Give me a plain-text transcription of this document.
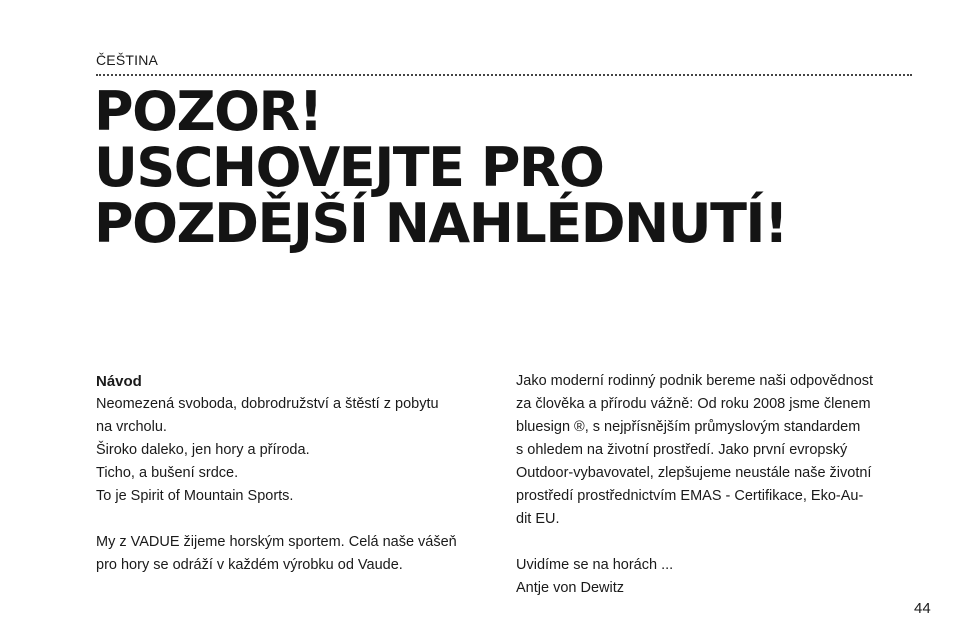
ČEŠTINA
POZOR!
USCHOVEJTE PRO
POZDĚJŠÍ NAHLÉDNUTÍ!

Návod

Neomezená svoboda, dobrodružství a štěstí z pobytu

na vrcholu.

Široko daleko, jen hory a příroda.

Ticho, a bušení srdce.

To je Spirit of Mountain Sports.

My z VADUE žijeme horským sportem. Celá naše vášeň

pro hory se odráží v každém výrobku od Vaude.

Jako moderní rodinný podnik bereme naši odpovědnost

za člověka a přírodu vážně: Od roku 2008 jsme členem

bluesign ®, s nejpřísnějším průmyslovým standardem

s ohledem na životní prostředí. Jako první evropský

Outdoor-vybavovatel, zlepšujeme neustále naše životní

prostředí prostřednictvím EMAS - Certifikace, Eko-Au-

dit EU.

Uvidíme se na horách ...

Antje von Dewitz

44
